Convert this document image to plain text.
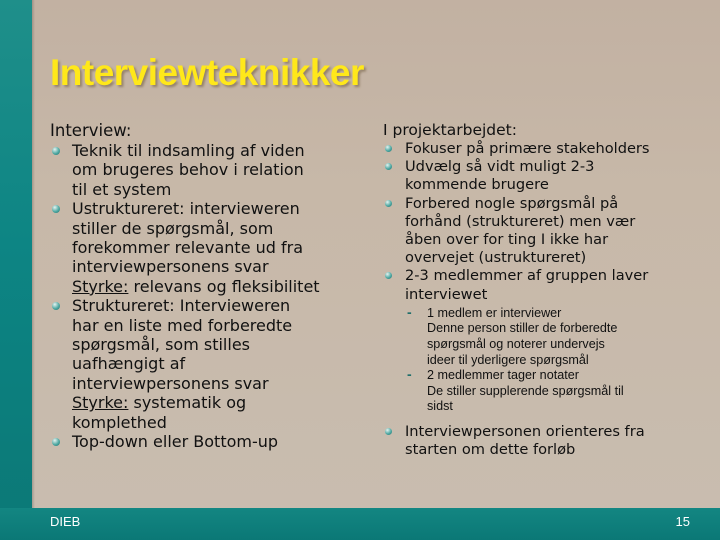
Interviewteknikker
Interview:
Teknik til indsamling af viden
om brugeres behov i relation
til et system
Ustruktureret: intervieweren
stiller de spørgsmål, som
forekommer relevante ud fra
interviewpersonens svar
Styrke: relevans og fleksibilitet
Struktureret: Intervieweren
har en liste med forberedte
spørgsmål, som stilles
uafhængigt af
interviewpersonens svar
Styrke: systematik og
komplethed
Top-down eller Bottom-up
I projektarbejdet:
Fokuser på primære stakeholders
Udvælg så vidt muligt 2-3
kommende brugere
Forbered nogle spørgsmål på
forhånd (struktureret) men vær
åben over for ting I ikke har
overvejet (ustruktureret)
2-3 medlemmer af gruppen laver
interviewet
- 1 medlem er interviewer
Denne person stiller de forberedte
spørgsmål og noterer undervejs
ideer til yderligere spørgsmål
- 2 medlemmer tager notater
De stiller supplerende spørgsmål til
sidst
Interviewpersonen orienteres fra
starten om dette forløb

DIEB	15
